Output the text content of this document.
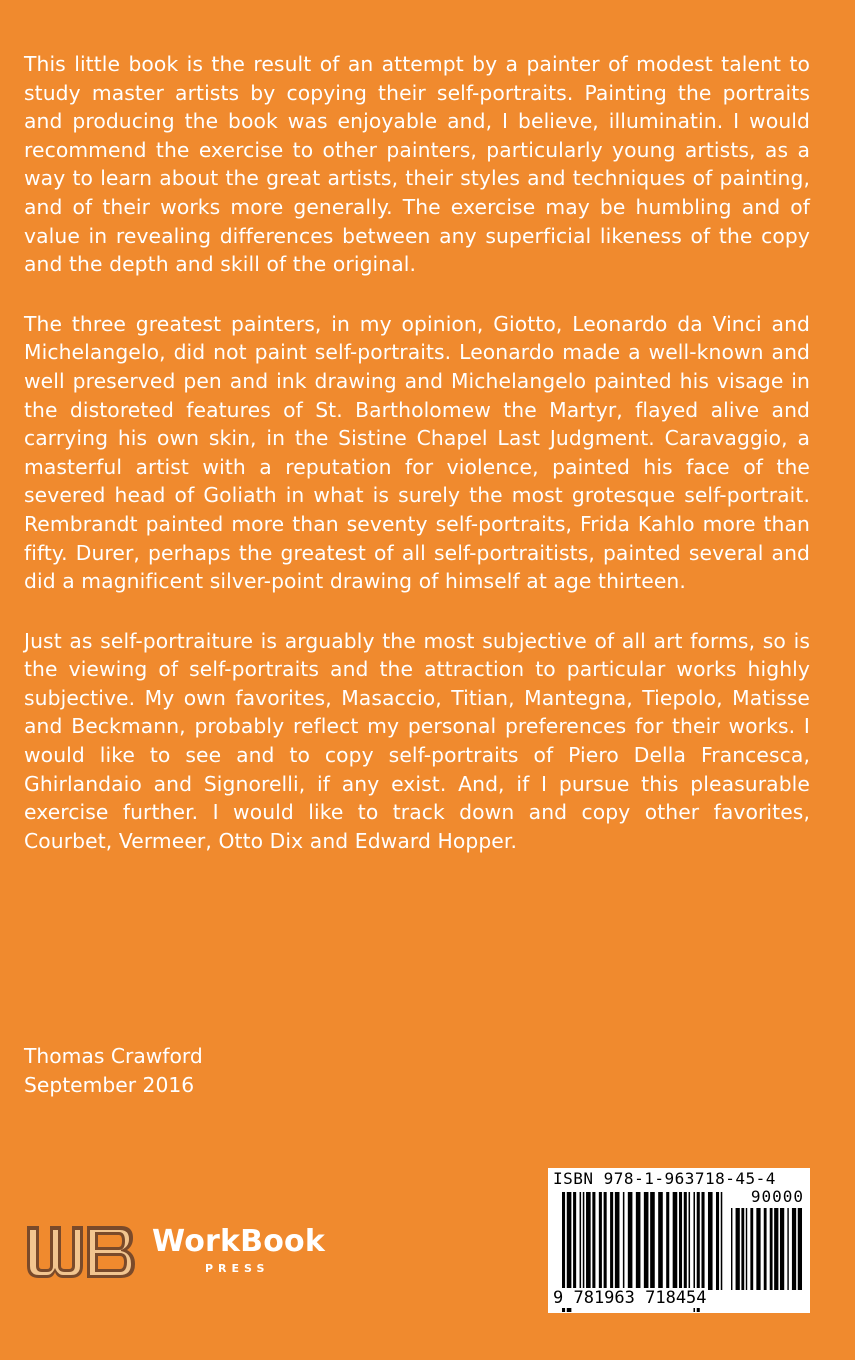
This little book is the result of an attempt by a painter of modest talent to study master artists by copying their self-portraits. Painting the portraits and producing the book was enjoyable and, I believe, illuminatin. I would recommend the exercise to other painters, particularly young artists, as a way to learn about the great artists, their styles and techniques of painting, and of their works more generally. The exercise may be humbling and of value in revealing differences between any superficial likeness of the copy and the depth and skill of the original.

The three greatest painters, in my opinion, Giotto, Leonardo da Vinci and Michelangelo, did not paint self-portraits. Leonardo made a well-known and well preserved pen and ink drawing and Michelangelo painted his visage in the distoreted features of St. Bartholomew the Martyr, flayed alive and carrying his own skin, in the Sistine Chapel Last Judgment. Caravaggio, a masterful artist with a reputation for violence, painted his face of the severed head of Goliath in what is surely the most grotesque self-portrait. Rembrandt painted more than seventy self-portraits, Frida Kahlo more than fifty. Durer, perhaps the greatest of all self-portraitists, painted several and did a magnificent silver-point drawing of himself at age thirteen.

Just as self-portraiture is arguably the most subjective of all art forms, so is the viewing of self-portraits and the attraction to particular works highly subjective. My own favorites, Masaccio, Titian, Mantegna, Tiepolo, Matisse and Beckmann, probably reflect my personal preferences for their works. I would like to see and to copy self-portraits of Piero Della Francesca, Ghirlandaio and Signorelli, if any exist. And, if I pursue this pleasurable exercise further. I would like to track down and copy other favorites, Courbet, Vermeer, Otto Dix and Edward Hopper.

Thomas Crawford
September 2016
WorkBook
PRESS
ISBN 978-1-963718-45-4
90000
9 781963 718454
